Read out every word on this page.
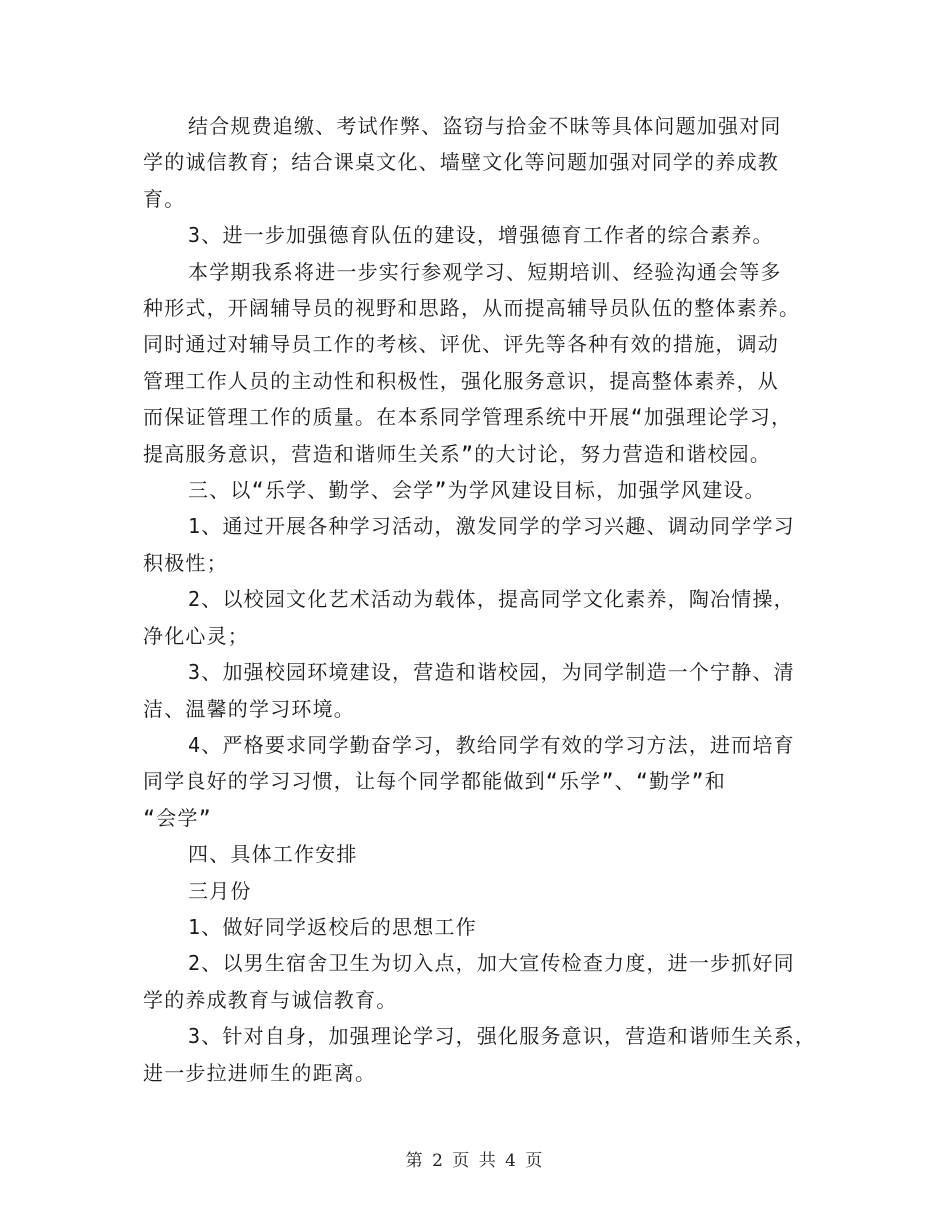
结合规费追缴、考试作弊、盗窃与拾金不昧等具体问题加强对同
学的诚信教育；结合课桌文化、墙壁文化等问题加强对同学的养成教
育。
3、进一步加强德育队伍的建设，增强德育工作者的综合素养。
本学期我系将进一步实行参观学习、短期培训、经验沟通会等多
种形式，开阔辅导员的视野和思路，从而提高辅导员队伍的整体素养。
同时通过对辅导员工作的考核、评优、评先等各种有效的措施，调动
管理工作人员的主动性和积极性，强化服务意识，提高整体素养，从
而保证管理工作的质量。在本系同学管理系统中开展“加强理论学习，
提高服务意识，营造和谐师生关系”的大讨论，努力营造和谐校园。
三、以“乐学、勤学、会学”为学风建设目标，加强学风建设。
1、通过开展各种学习活动，激发同学的学习兴趣、调动同学学习
积极性；
2、以校园文化艺术活动为载体，提高同学文化素养，陶冶情操，
净化心灵；
3、加强校园环境建设，营造和谐校园，为同学制造一个宁静、清
洁、温馨的学习环境。
4、严格要求同学勤奋学习，教给同学有效的学习方法，进而培育
同学良好的学习习惯，让每个同学都能做到“乐学”、“勤学”和
“会学”
四、具体工作安排
三月份
1、做好同学返校后的思想工作
2、以男生宿舍卫生为切入点，加大宣传检查力度，进一步抓好同
学的养成教育与诚信教育。
3、针对自身，加强理论学习，强化服务意识，营造和谐师生关系，
进一步拉进师生的距离。
第 2 页 共 4 页
